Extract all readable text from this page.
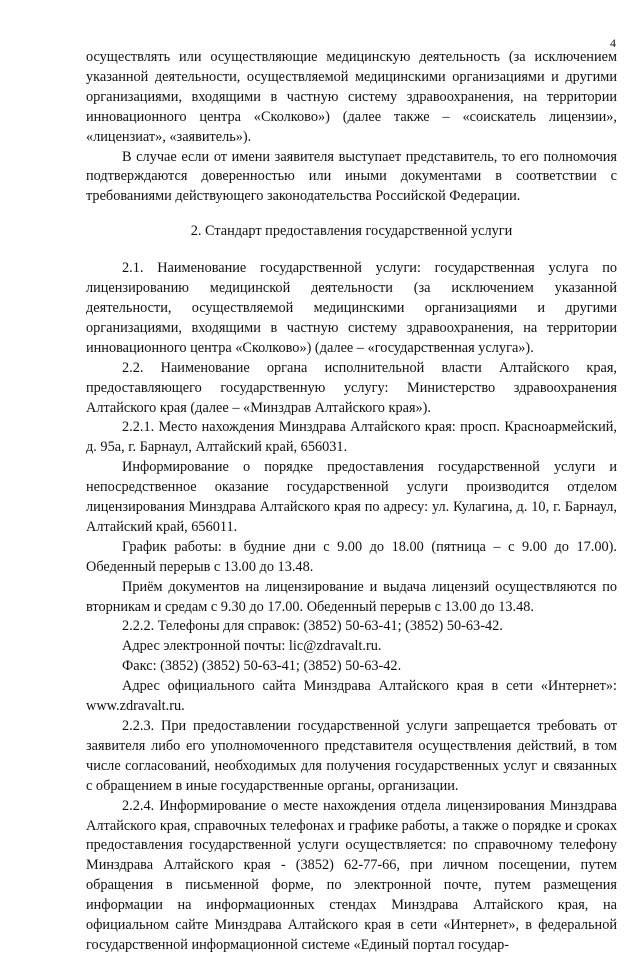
4

осуществлять или осуществляющие медицинскую деятельность (за исключением указанной деятельности, осуществляемой медицинскими организациями и другими организациями, входящими в частную систему здравоохранения, на территории инновационного центра «Сколково») (далее также – «соискатель лицензии», «лицензиат», «заявитель»).

В случае если от имени заявителя выступает представитель, то его полномочия подтверждаются доверенностью или иными документами в соответствии с требованиями действующего законодательства Российской Федерации.

2. Стандарт предоставления государственной услуги

2.1. Наименование государственной услуги: государственная услуга по лицензированию медицинской деятельности (за исключением указанной деятельности, осуществляемой медицинскими организациями и другими организациями, входящими в частную систему здравоохранения, на территории инновационного центра «Сколково») (далее – «государственная услуга»).

2.2. Наименование органа исполнительной власти Алтайского края, предоставляющего государственную услугу: Министерство здравоохранения Алтайского края (далее – «Минздрав Алтайского края»).

2.2.1. Место нахождения Минздрава Алтайского края: просп. Красноармейский, д. 95а, г. Барнаул, Алтайский край, 656031.

Информирование о порядке предоставления государственной услуги и непосредственное оказание государственной услуги производится отделом лицензирования Минздрава Алтайского края по адресу: ул. Кулагина, д. 10, г. Барнаул, Алтайский край, 656011.

График работы: в будние дни с 9.00 до 18.00 (пятница – с 9.00 до 17.00). Обеденный перерыв с 13.00 до 13.48.

Приём документов на лицензирование и выдача лицензий осуществляются по вторникам и средам с 9.30 до 17.00. Обеденный перерыв с 13.00 до 13.48.

2.2.2. Телефоны для справок: (3852) 50-63-41; (3852) 50-63-42.

Адрес электронной почты: lic@zdravalt.ru.

Факс: (3852) (3852) 50-63-41; (3852) 50-63-42.

Адрес официального сайта Минздрава Алтайского края в сети «Интернет»: www.zdravalt.ru.

2.2.3. При предоставлении государственной услуги запрещается требовать от заявителя либо его уполномоченного представителя осуществления действий, в том числе согласований, необходимых для получения государственных услуг и связанных с обращением в иные государственные органы, организации.

2.2.4. Информирование о месте нахождения отдела лицензирования Минздрава Алтайского края, справочных телефонах и графике работы, а также о порядке и сроках предоставления государственной услуги осуществляется: по справочному телефону Минздрава Алтайского края - (3852) 62-77-66, при личном посещении, путем обращения в письменной форме, по электронной почте, путем размещения информации на информационных стендах Минздрава Алтайского края, на официальном сайте Минздрава Алтайского края в сети «Интернет», в федеральной государственной информационной системе «Единый портал государ-
